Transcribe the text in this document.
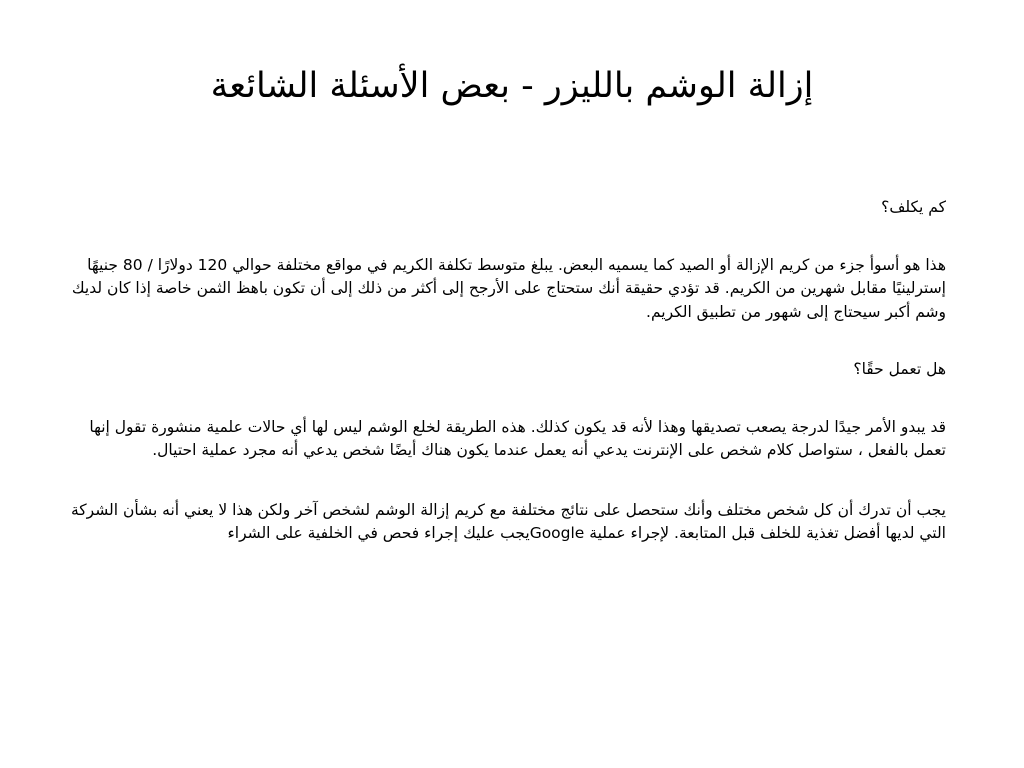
إزالة الوشم بالليزر - بعض الأسئلة الشائعة

كم يكلف؟

هذا هو أسوأ جزء من كريم الإزالة أو الصيد كما يسميه البعض. يبلغ متوسط تكلفة الكريم في مواقع مختلفة حوالي 120 دولارًا / 80 جنيهًا إسترلينيًا مقابل شهرين من الكريم. قد تؤدي حقيقة أنك ستحتاج على الأرجح إلى أكثر من ذلك إلى أن تكون باهظ الثمن خاصة إذا كان لديك وشم أكبر سيحتاج إلى شهور من تطبيق الكريم.

هل تعمل حقًا؟

قد يبدو الأمر جيدًا لدرجة يصعب تصديقها وهذا لأنه قد يكون كذلك. هذه الطريقة لخلع الوشم ليس لها أي حالات علمية منشورة تقول إنها تعمل بالفعل ، ستواصل كلام شخص على الإنترنت يدعي أنه يعمل عندما يكون هناك أيضًا شخص يدعي أنه مجرد عملية احتيال.

يجب أن تدرك أن كل شخص مختلف وأنك ستحصل على نتائج مختلفة مع كريم إزالة الوشم لشخص آخر ولكن هذا لا يعني أنه بشأن الشركة التي لديها أفضل تغذية للخلف قبل المتابعة. لإجراء عملية Googleيجب عليك إجراء فحص في الخلفية على الشراء
